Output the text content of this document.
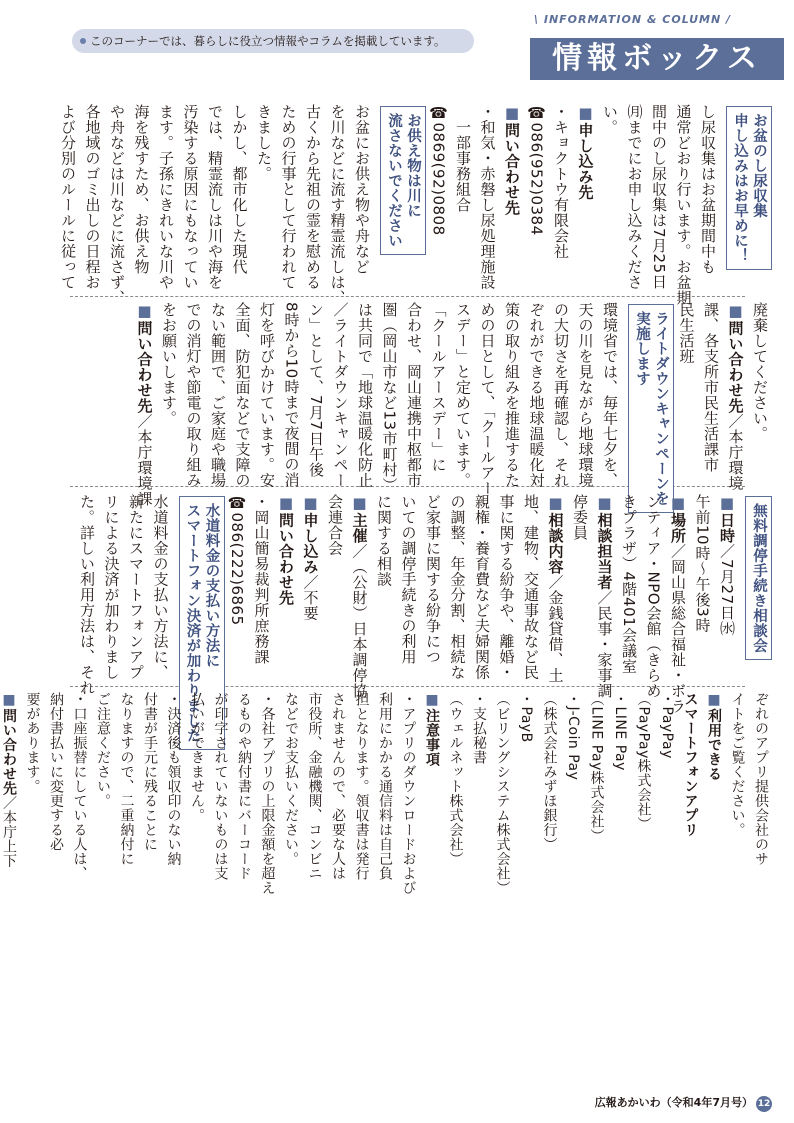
このコーナーでは、暮らしに役立つ情報やコラムを掲載しています。
\ INFORMATION & COLUMN /
情報ボックス
お盆のし尿収集
申し込みはお早めに！
し尿収集はお盆期間中も
通常どおり行います。お盆期
間中のし尿収集は7月25日
㈪までにお申し込みくださ
い。
■申し込み先
・キョクトウ有限会社
☎086(952)0384
■問い合わせ先
・和気・赤磐し尿処理施設
　一部事務組合
☎0869(92)0808
お供え物は川に
流さないでください
お盆にお供え物や舟など
を川などに流す精霊流しは、
古くから先祖の霊を慰める
ための行事として行われて
きました。
しかし、都市化した現代
では、精霊流しは川や海を
汚染する原因にもなってい
ます。子孫にきれいな川や
海を残すため、お供え物
や舟などは川などに流さず、
各地域のゴミ出しの日程お
よび分別のルールに従って
廃棄してください。
■問い合わせ先／本庁環境
課、各支所市民生活課市
民生活班
ライトダウンキャンペーンを
実施します
環境省では、毎年七夕を、
天の川を見ながら地球環境
の大切さを再確認し、それ
ぞれができる地球温暖化対
策の取り組みを推進するた
めの日として、「クールアー
スデー」と定めています。
「クールアースデー」に
合わせ、岡山連携中枢都市
圏（岡山市など13市町村）
は共同で「地球温暖化防止
／ライトダウンキャンペー
ン」として、7月7日午後
8時から10時まで夜間の消
灯を呼びかけています。安
全面、防犯面などで支障の
ない範囲で、ご家庭や職場
での消灯や節電の取り組み
をお願いします。
■問い合わせ先／本庁環境課
無料調停手続き相談会
■日時／7月27日㈬
午前10時～午後3時
■場所／岡山県総合福祉・ボラ
ンティア・NPO会館（きらめ
きプラザ）4階401会議室
■相談担当者／民事・家事調
停委員
■相談内容／金銭貸借、土
地、建物、交通事故など民
事に関する紛争や、離婚・
親権・養育費など夫婦関係
の調整、年金分割、相続な
ど家事に関する紛争につ
いての調停手続きの利用
に関する相談
■主催／（公財）日本調停協
会連合会
■申し込み／不要
■問い合わせ先
・岡山簡易裁判所庶務課
☎086(222)6865
水道料金の支払い方法に
スマートフォン決済が加わりました
水道料金の支払い方法に、
新たにスマートフォンアプ
リによる決済が加わりまし
た。詳しい利用方法は、それ
ぞれのアプリ提供会社のサ
イトをご覧ください。
■利用できる
スマートフォンアプリ
・PayPay
（PayPay株式会社）
・LINE Pay
（LINE Pay株式会社）
・J-Coin Pay
（株式会社みずほ銀行）
・PayB
（ビリングシステム株式会社）
・支払秘書
（ウェルネット株式会社）
■注意事項
・アプリのダウンロードおよび
利用にかかる通信料は自己負
担となります。領収書は発行
されませんので、必要な人は
市役所、金融機関、コンビニ
などでお支払いください。
・各社アプリの上限金額を超え
るものや納付書にバーコード
が印字されていないものは支
払いができません。
・決済後も領収印のない納
付書が手元に残ることに
なりますので、二重納付に
ご注意ください。
・口座振替にしている人は、
納付書払いに変更する必
要があります。
■問い合わせ先／本庁上下

広報あかいわ（令和4年7月号） 12
